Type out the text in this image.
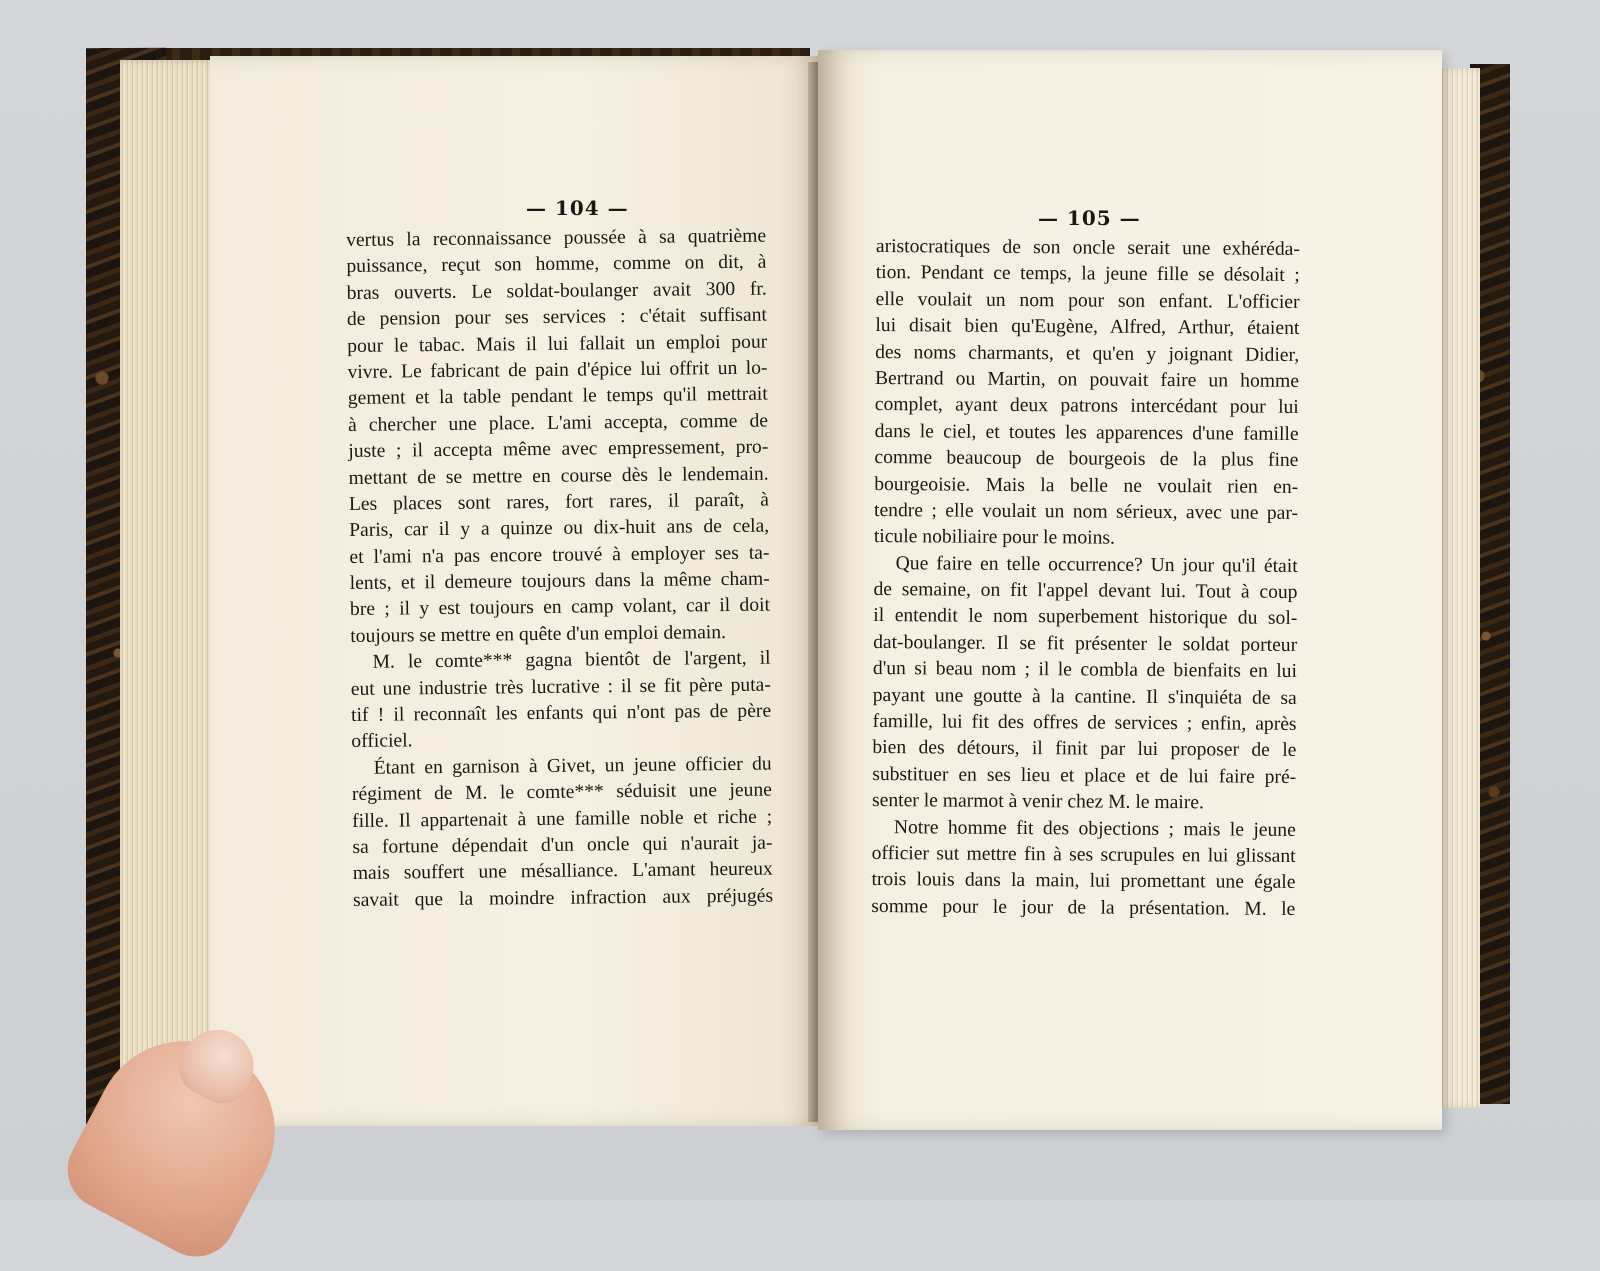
— 104 —
vertus la reconnaissance poussée à sa quatrième
puissance, reçut son homme, comme on dit, à
bras ouverts. Le soldat-boulanger avait 300 fr.
de pension pour ses services : c'était suffisant
pour le tabac. Mais il lui fallait un emploi pour
vivre. Le fabricant de pain d'épice lui offrit un lo-
gement et la table pendant le temps qu'il mettrait
à chercher une place. L'ami accepta, comme de
juste ; il accepta même avec empressement, pro-
mettant de se mettre en course dès le lendemain.
Les places sont rares, fort rares, il paraît, à
Paris, car il y a quinze ou dix-huit ans de cela,
et l'ami n'a pas encore trouvé à employer ses ta-
lents, et il demeure toujours dans la même cham-
bre ; il y est toujours en camp volant, car il doit
toujours se mettre en quête d'un emploi demain.
M. le comte*** gagna bientôt de l'argent, il
eut une industrie très lucrative : il se fit père puta-
tif ! il reconnaît les enfants qui n'ont pas de père
officiel.
Étant en garnison à Givet, un jeune officier du
régiment de M. le comte*** séduisit une jeune
fille. Il appartenait à une famille noble et riche ;
sa fortune dépendait d'un oncle qui n'aurait ja-
mais souffert une mésalliance. L'amant heureux
savait que la moindre infraction aux préjugés
— 105 —
aristocratiques de son oncle serait une exhéréda-
tion. Pendant ce temps, la jeune fille se désolait ;
elle voulait un nom pour son enfant. L'officier
lui disait bien qu'Eugène, Alfred, Arthur, étaient
des noms charmants, et qu'en y joignant Didier,
Bertrand ou Martin, on pouvait faire un homme
complet, ayant deux patrons intercédant pour lui
dans le ciel, et toutes les apparences d'une famille
comme beaucoup de bourgeois de la plus fine
bourgeoisie. Mais la belle ne voulait rien en-
tendre ; elle voulait un nom sérieux, avec une par-
ticule nobiliaire pour le moins.
Que faire en telle occurrence? Un jour qu'il était
de semaine, on fit l'appel devant lui. Tout à coup
il entendit le nom superbement historique du sol-
dat-boulanger. Il se fit présenter le soldat porteur
d'un si beau nom ; il le combla de bienfaits en lui
payant une goutte à la cantine. Il s'inquiéta de sa
famille, lui fit des offres de services ; enfin, après
bien des détours, il finit par lui proposer de le
substituer en ses lieu et place et de lui faire pré-
senter le marmot à venir chez M. le maire.
Notre homme fit des objections ; mais le jeune
officier sut mettre fin à ses scrupules en lui glissant
trois louis dans la main, lui promettant une égale
somme pour le jour de la présentation. M. le
